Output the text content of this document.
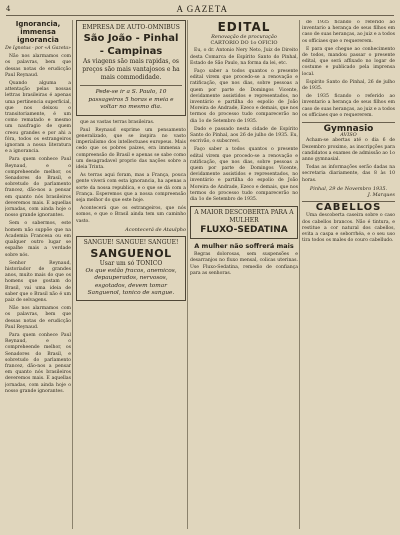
4	A GAZETA
Ignorancia, immensa ignorancia
De Ignotus - por «A Gazeta»

Não nos alarmamos com os palavras, bem que dessas notas de erudicção Paul Reynaud.

Quando alguma a attentação pelas nossas lettras brasileiras é apenas uma pertinencia superficial, que nos deixou o transitoriamente, é um como rematado e mesmo um naufragio de quem creou grandes e por ahi a fóra, todos os estrangeiros ignoram a nossa literatura e a ignorancia.

Para quem conhece Paul Reynaud, e o compreheende melhor, os Senadores do Brasil, e sobretudo do parlamento francez, dão-nos a pensar em quanto nós brasileiros deveremos mais. E aquellas jornadas, com ainda hoje o nosso grande ignorantes.

Sem o sabermos, este homem não suppõe que na Academia Francesa ou em qualquer outro lugar se espalhe mais a verdade sobre nós.

Senhor Reynaud, historiador de grandes anos, muito mais do que os homens que gostam do Brasil, vai uma ideia de saber que o Brasil não é um paiz de selvagens.

Não nos alarmamos com os palavras, bem que dessas notas de erudicção Paul Reynaud.

Para quem conhece Paul Reynaud, e o compreheende melhor, os Senadores do Brasil, e sobretudo do parlamento francez, dão-nos a pensar em quanto nós brasileiros deveremos mais. E aquellas jornadas, com ainda hoje o nosso grande ignorantes.

EMPRESA DE AUTO-OMNIBUS
São João - Pinhal - Campinas
As viagens são mais rapidas, os preços são mais vantajosos e ha mais commodidade.
Pede-se ir a S. Paulo, 10 passageiros 5 horas e meia e voltar no mesmo dia.

que as vastas terras brasileiras.

Paul Reynaud exprime um pensamento generalizado, que se inspira no vasto imperialismo dos intellectuaes europeus. Mais cedo que os pobres paizes, era immensa a compreensão do Brasil e apenas se sabe como um desagradavel proprio das nações sobre a ideia Trinta.

As terras aqui foram, mas a França, pouca gente viverá com esta ignorancia, ha apenas a sorte da nossa republica, e o que se dá com a França. Esperemos que a nossa compreensão seja melhor do que este hoje.

Acontecerá que os estrangeiros, que nós somos, e que o Brasil ainda tem um caminho vasto.

Acontecerá de Ataulpho
SANGUE! SANGUE! SANGUE!
SANGUENOL
Usar um só TONICO
Os que estão fracos, anemicos, depauperados, nervosos, esgotados, devem tomar Sanguenol, tonico de sangue.
EDITAL
Renovação de procuração
CARTORIO DO 1o OFICIO

Eu, o dr. Antonio Nery Neto, Juiz de Direito desta Comarca de Espírito Santo do Pinhal, Estado de São Paulo, na forma da lei, etc.

Faço saber a todos quantos o presente edital virem que procedo-se a renovação e ratificação, que nos dias, sobre pessoas a quem por parte de Domingos Vicente, devidamente assistidos e representados, no inventário e partilha do espolio de João Moreira de Andrade, Ezeco e demais, que nos termos do processo tudo comparecerão no dia 1o de Setembro de 1935.

Dado e passado nesta cidade de Espírito Santo do Pinhal, aos 26 de julho de 1935. Eu, escrivão, o subscrevi.

Faço saber a todos quantos o presente edital virem que procedo-se a renovação e ratificação, que nos dias, sobre pessoas a quem por parte de Domingos Vicente, devidamente assistidos e representados, no inventário e partilha do espolio de João Moreira de Andrade, Ezeco e demais, que nos termos do processo tudo comparecerão no dia 1o de Setembro de 1935.

A MAIOR DESCOBERTA PARA A MULHER
FLUXO-SEDATINA
A mulher não soffrerá mais

Regras dolorosas, sem suspensões e desarranjos no fluxo mensal, colicas uterinas. Use Fluxo-Sedatina, remedio de confiança para as senhoras.

de 1935 ficando o referido ao inventario a herança de seus filhos em caso de suas heranças, ao juiz e a todos os officiaes que o requererem.

E para que chegue ao conhecimento de todos, mandou passar o presente edital, que será affixado no logar de costume e publicado pela imprensa local.

Espirito Santo do Pinhal, 26 de julho de 1935.

de 1935 ficando o referido ao inventario a herança de seus filhos em caso de suas heranças, ao juiz e a todos os officiaes que o requererem.

Gymnasio
AVISO

Acham-se abertas até o dia 6 de Dezembro proximo, as inscripções para candidatos a exames de admissão ao 1o anno gymnasial.

Todas as informações serão dadas na secretaria diariamente, das 8 às 10 horas.

Pinhal, 29 de Novembro 1935.
J. Marques
CABELLOS

Uma descoberta caseira sobre o caso dos cabellos brancos. Não é tintura, e restitue a cor natural dos cabellos, evita a caspa e seborrhéa, e o seu uso tira todos os males do couro cabelludo.
